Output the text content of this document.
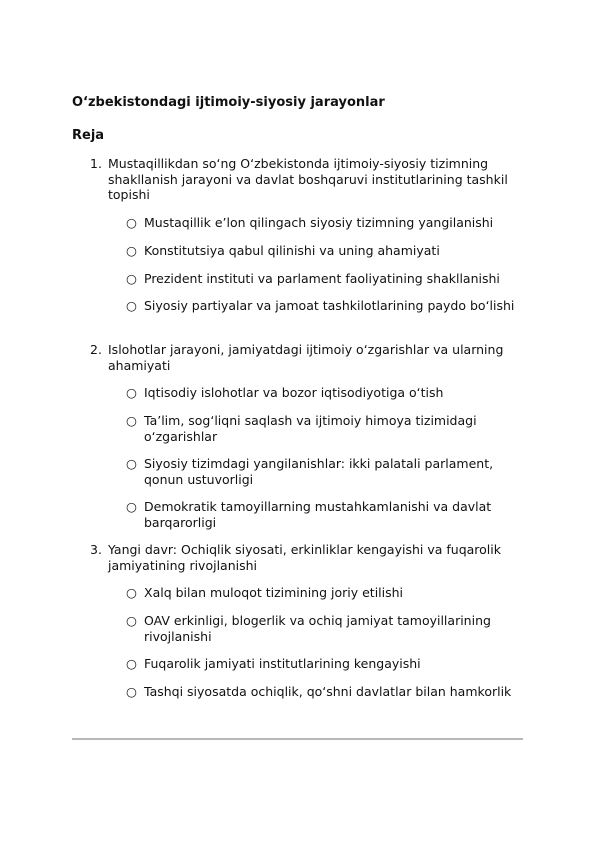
O‘zbekistondagi ijtimoiy-siyosiy jarayonlar
Reja
1. Mustaqillikdan so‘ng O‘zbekistonda ijtimoiy-siyosiy tizimning shakllanish jarayoni va davlat boshqaruvi institutlarining tashkil topishi
○ Mustaqillik e’lon qilingach siyosiy tizimning yangilanishi
○ Konstitutsiya qabul qilinishi va uning ahamiyati
○ Prezident instituti va parlament faoliyatining shakllanishi
○ Siyosiy partiyalar va jamoat tashkilotlarining paydo bo‘lishi
2. Islohotlar jarayoni, jamiyatdagi ijtimoiy o‘zgarishlar va ularning ahamiyati
○ Iqtisodiy islohotlar va bozor iqtisodiyotiga o‘tish
○ Ta’lim, sog‘liqni saqlash va ijtimoiy himoya tizimidagi o‘zgarishlar
○ Siyosiy tizimdagi yangilanishlar: ikki palatali parlament, qonun ustuvorligi
○ Demokratik tamoyillarning mustahkamlanishi va davlat barqarorligi
3. Yangi davr: Ochiqlik siyosati, erkinliklar kengayishi va fuqarolik jamiyatining rivojlanishi
○ Xalq bilan muloqot tizimining joriy etilishi
○ OAV erkinligi, blogerlik va ochiq jamiyat tamoyillarining rivojlanishi
○ Fuqarolik jamiyati institutlarining kengayishi
○ Tashqi siyosatda ochiqlik, qo‘shni davlatlar bilan hamkorlik
